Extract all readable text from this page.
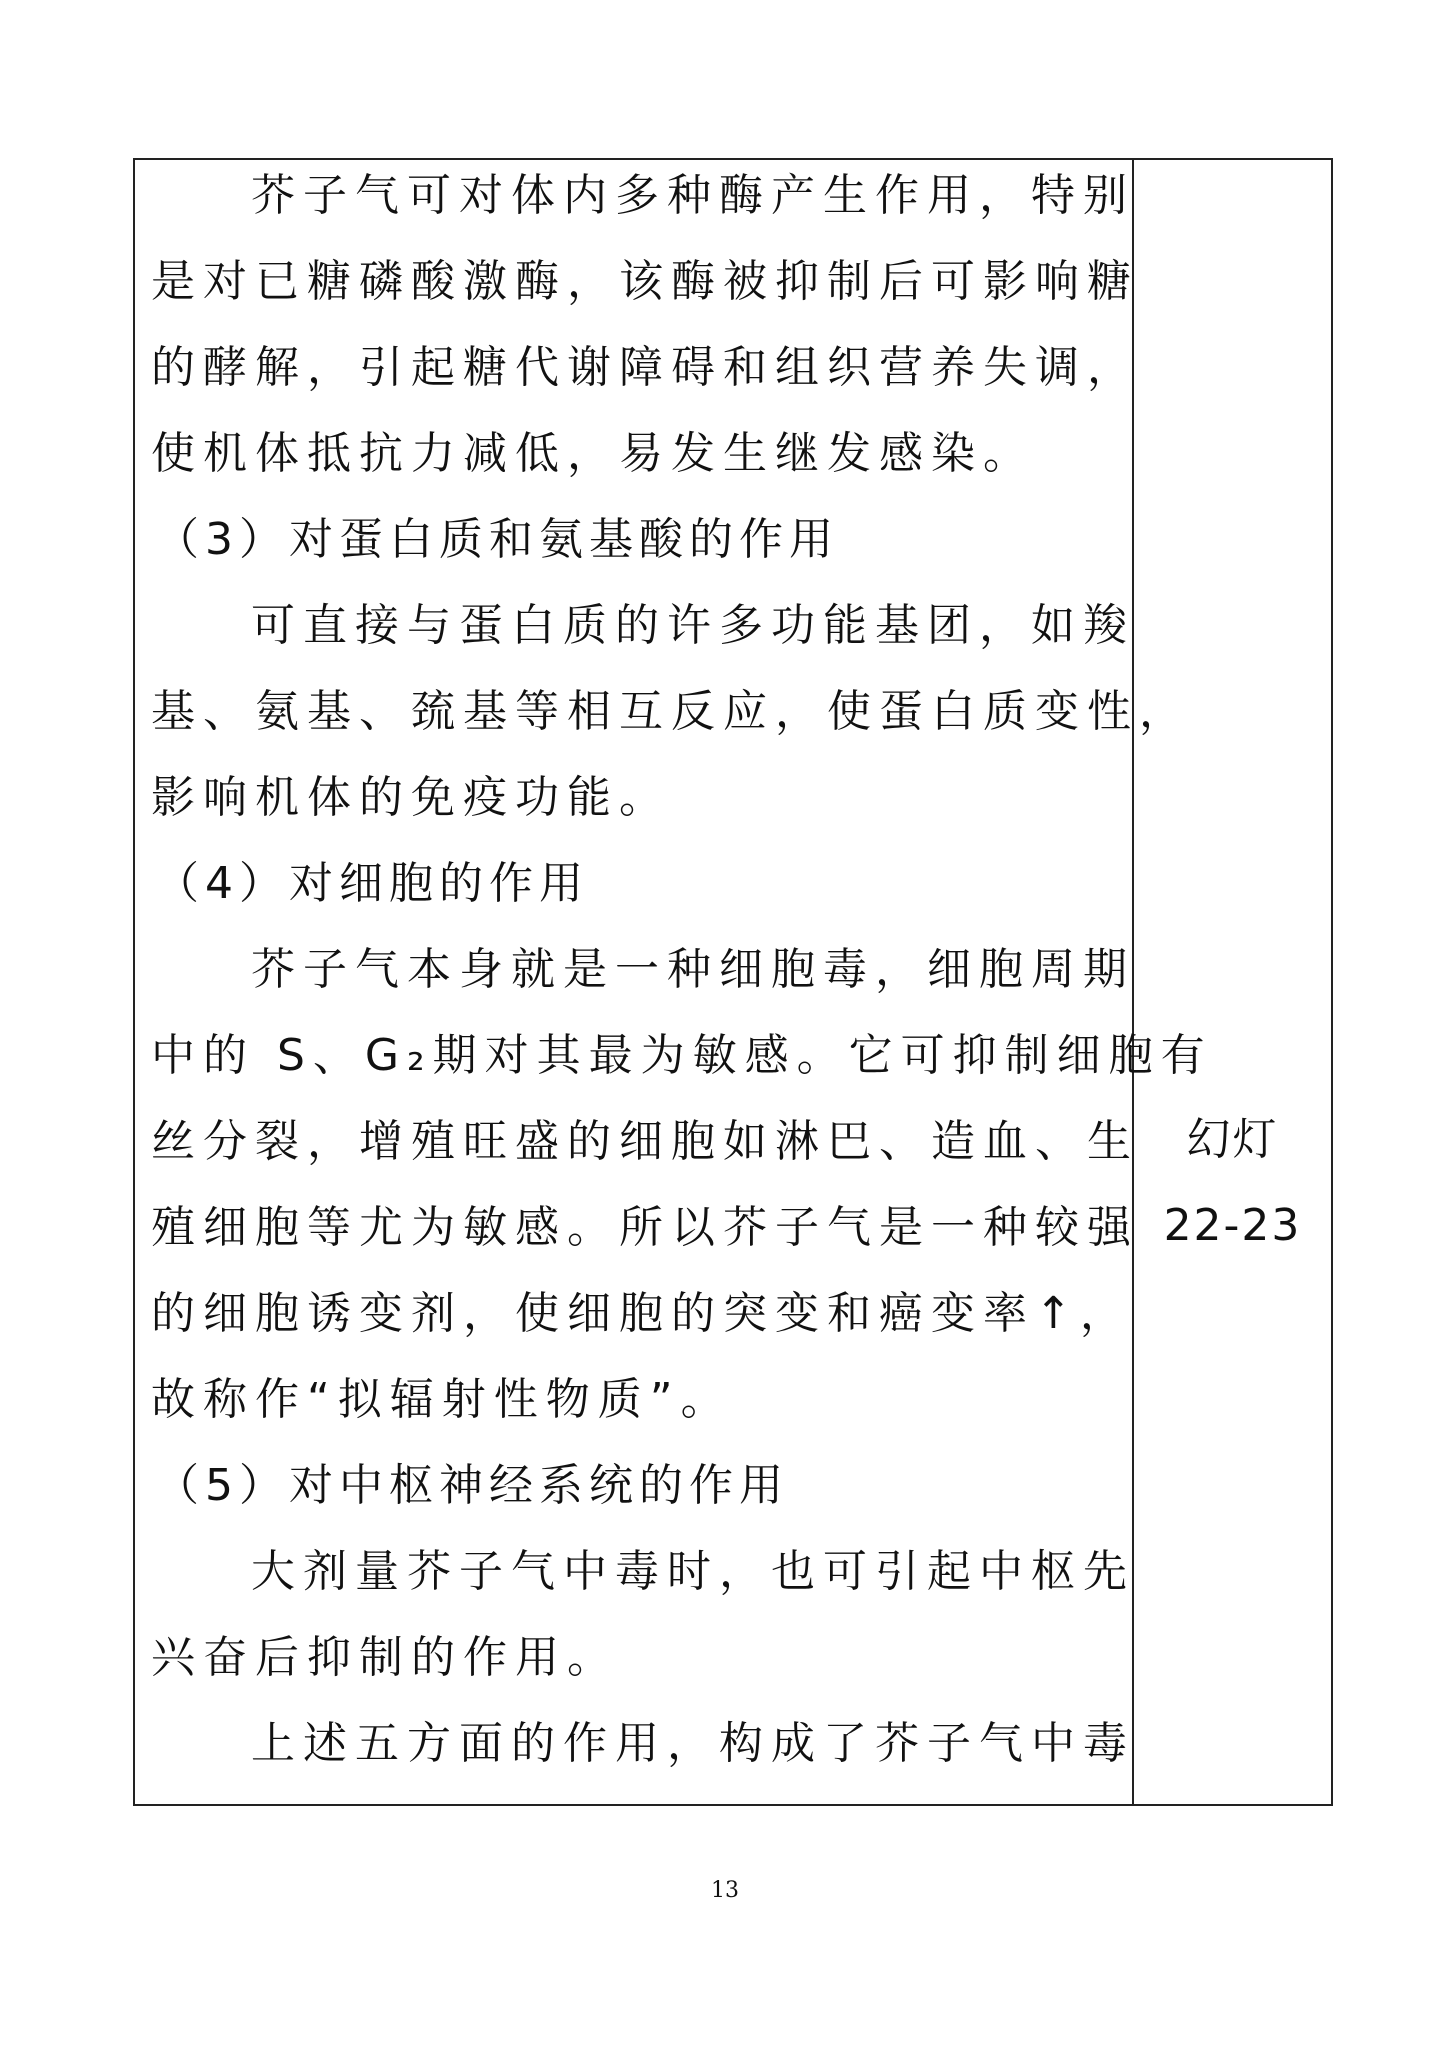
芥子气可对体内多种酶产生作用，特别
是对已糖磷酸激酶，该酶被抑制后可影响糖
的酵解，引起糖代谢障碍和组织营养失调，
使机体抵抗力减低，易发生继发感染。
（3）对蛋白质和氨基酸的作用
可直接与蛋白质的许多功能基团，如羧
基、氨基、巯基等相互反应，使蛋白质变性，
影响机体的免疫功能。
（4）对细胞的作用
芥子气本身就是一种细胞毒，细胞周期
中的 S、G₂期对其最为敏感。它可抑制细胞有
丝分裂，增殖旺盛的细胞如淋巴、造血、生
殖细胞等尤为敏感。所以芥子气是一种较强
的细胞诱变剂，使细胞的突变和癌变率↑，
故称作“拟辐射性物质”。
（5）对中枢神经系统的作用
大剂量芥子气中毒时，也可引起中枢先
兴奋后抑制的作用。
上述五方面的作用，构成了芥子气中毒
幻灯
22-23
13
